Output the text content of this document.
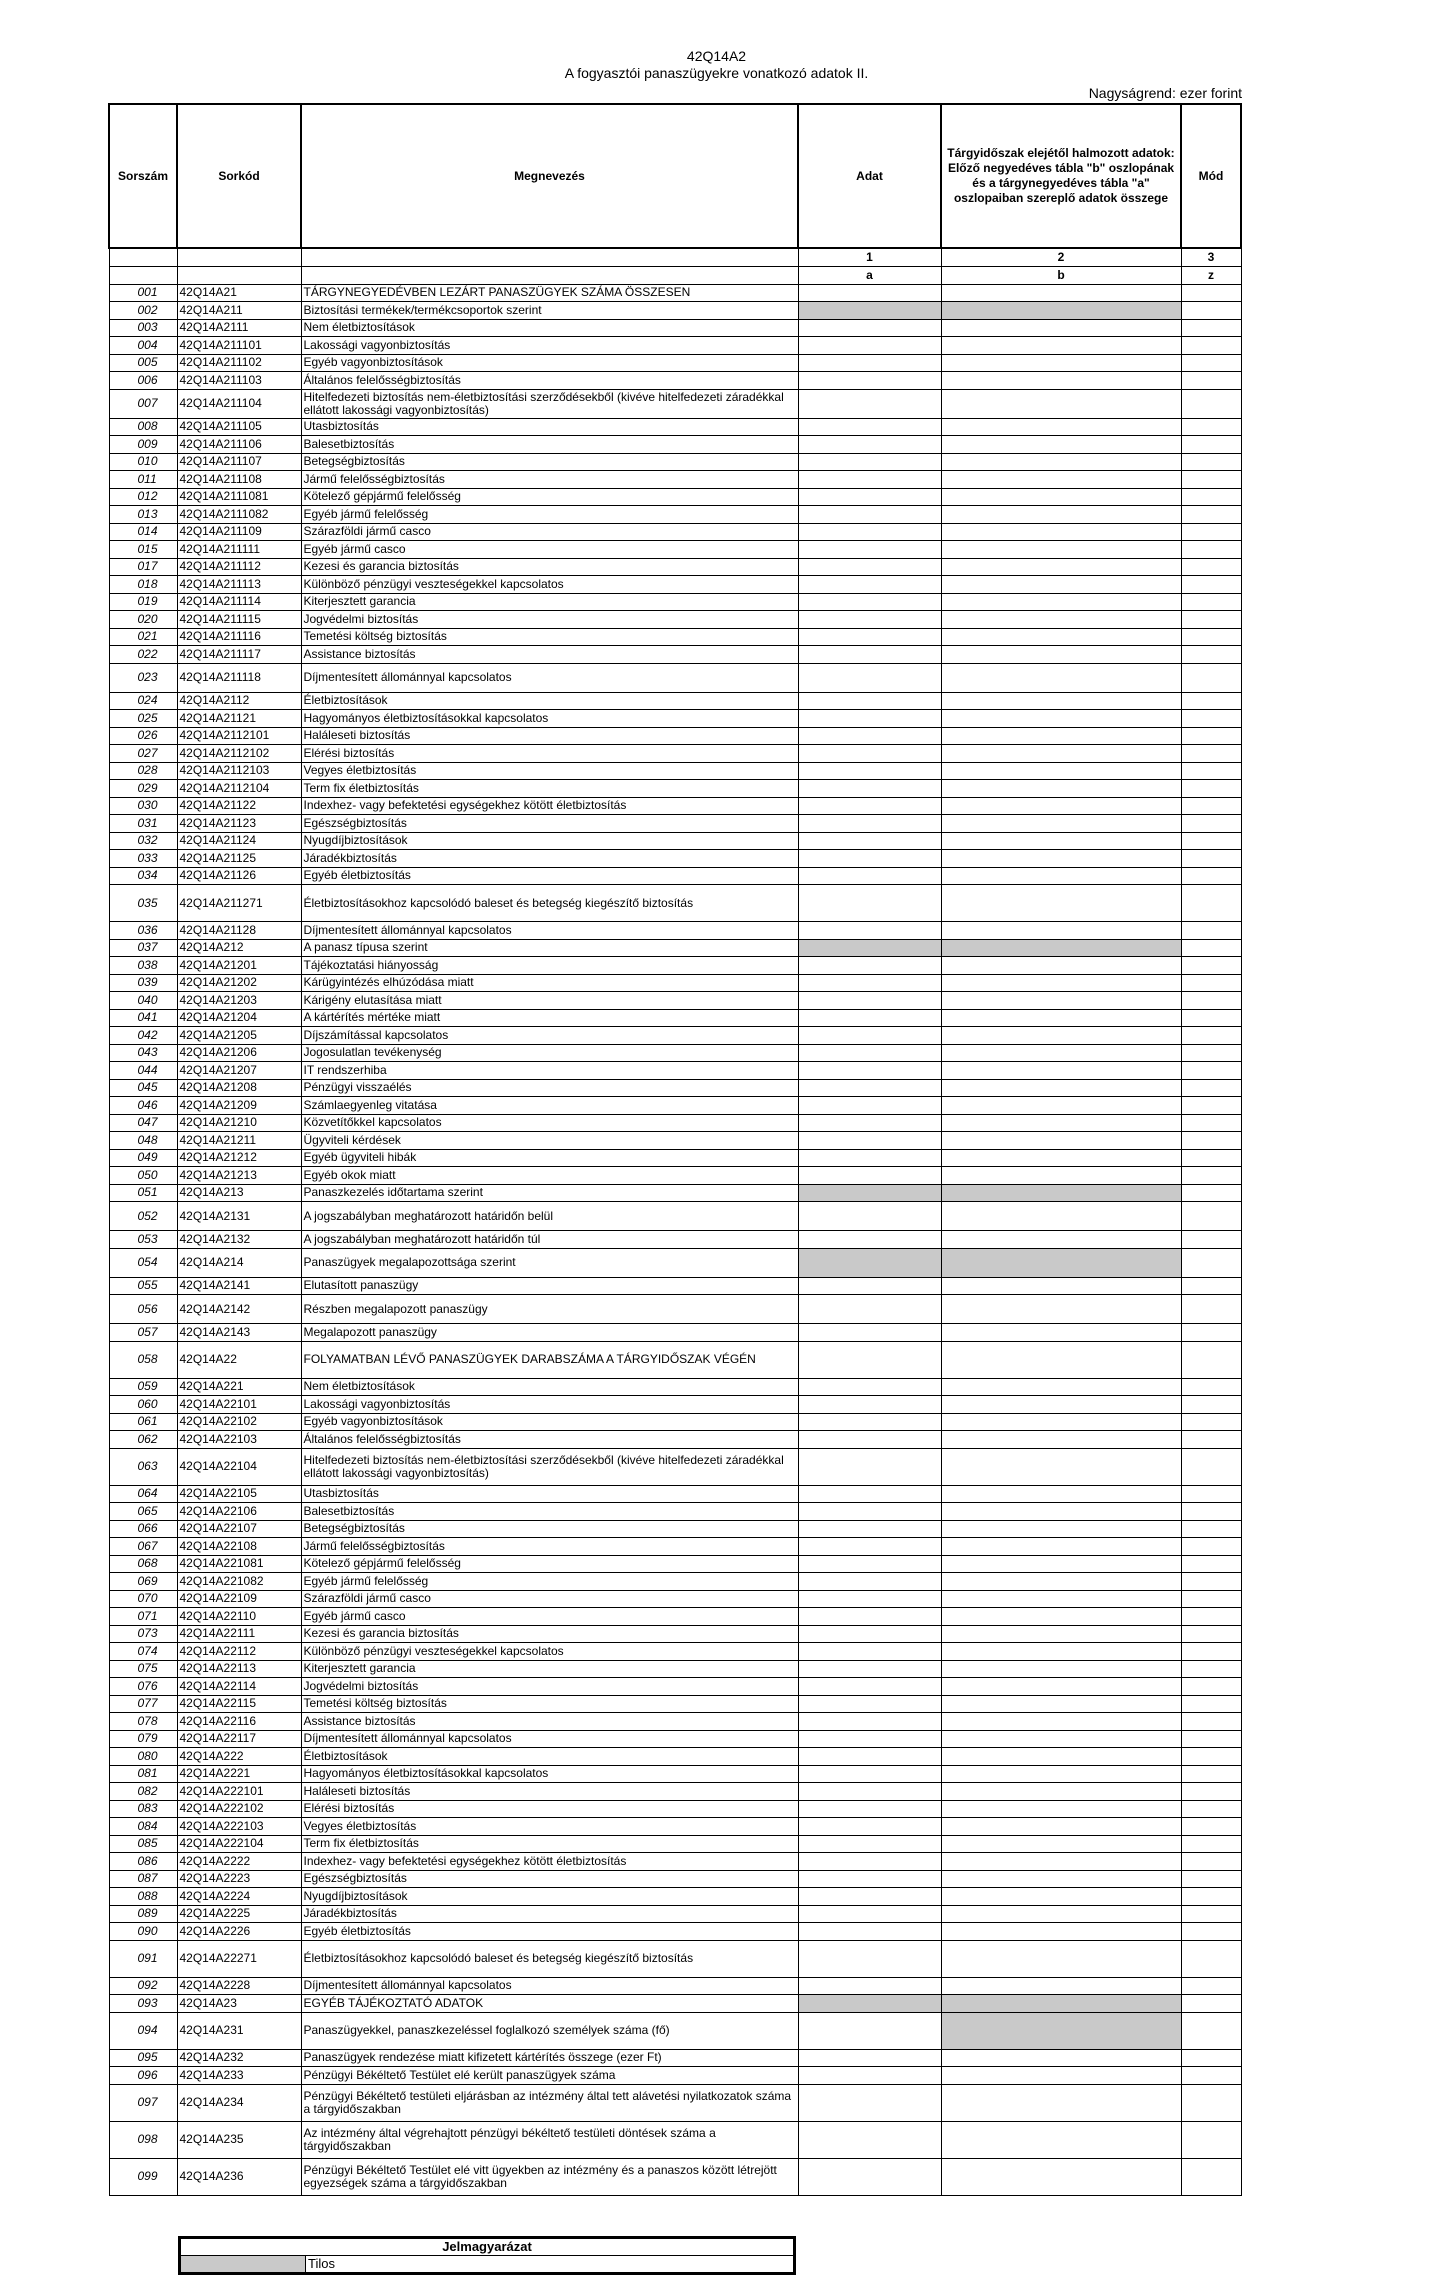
42Q14A2
A fogyasztói panaszügyekre vonatkozó adatok II.
Nagyságrend: ezer forint
Sorszám	Sorkód	Megnevezés	Adat	Tárgyidőszak elejétől halmozott adatok: Előző negyedéves tábla "b" oszlopának és a tárgynegyedéves tábla "a" oszlopaiban szereplő adatok összege	Mód
			1	2	3
			a	b	z
001	42Q14A21	TÁRGYNEGYEDÉVBEN LEZÁRT PANASZÜGYEK SZÁMA ÖSSZESEN			
002	42Q14A211	Biztosítási termékek/termékcsoportok szerint			
003	42Q14A2111	Nem életbiztosítások			
004	42Q14A211101	Lakossági vagyonbiztosítás			
005	42Q14A211102	Egyéb vagyonbiztosítások			
006	42Q14A211103	Általános felelősségbiztosítás			
007	42Q14A211104	Hitelfedezeti biztosítás nem-életbiztosítási szerződésekből (kivéve hitelfedezeti záradékkal ellátott lakossági vagyonbiztosítás)			
008	42Q14A211105	Utasbiztosítás			
009	42Q14A211106	Balesetbiztosítás			
010	42Q14A211107	Betegségbiztosítás			
011	42Q14A211108	Jármű felelősségbiztosítás			
012	42Q14A2111081	Kötelező gépjármű felelősség			
013	42Q14A2111082	Egyéb jármű felelősség			
014	42Q14A211109	Szárazföldi jármű casco			
015	42Q14A211111	Egyéb jármű casco			
017	42Q14A211112	Kezesi és garancia biztosítás			
018	42Q14A211113	Különböző pénzügyi veszteségekkel kapcsolatos			
019	42Q14A211114	Kiterjesztett garancia			
020	42Q14A211115	Jogvédelmi biztosítás			
021	42Q14A211116	Temetési költség biztosítás			
022	42Q14A211117	Assistance biztosítás			
023	42Q14A211118	Díjmentesített állománnyal kapcsolatos			
024	42Q14A2112	Életbiztosítások			
025	42Q14A21121	Hagyományos életbiztosításokkal kapcsolatos			
026	42Q14A2112101	Haláleseti biztosítás			
027	42Q14A2112102	Elérési biztosítás			
028	42Q14A2112103	Vegyes életbiztosítás			
029	42Q14A2112104	Term fix életbiztosítás			
030	42Q14A21122	Indexhez- vagy befektetési egységekhez kötött életbiztosítás			
031	42Q14A21123	Egészségbiztosítás			
032	42Q14A21124	Nyugdíjbiztosítások			
033	42Q14A21125	Járadékbiztosítás			
034	42Q14A21126	Egyéb életbiztosítás			
035	42Q14A211271	Életbiztosításokhoz kapcsolódó baleset és betegség kiegészítő biztosítás			
036	42Q14A21128	Díjmentesített állománnyal kapcsolatos			
037	42Q14A212	A panasz típusa szerint			
038	42Q14A21201	Tájékoztatási hiányosság			
039	42Q14A21202	Kárügyintézés elhúzódása miatt			
040	42Q14A21203	Kárigény elutasítása miatt			
041	42Q14A21204	A kártérítés mértéke miatt			
042	42Q14A21205	Díjszámítással kapcsolatos			
043	42Q14A21206	Jogosulatlan tevékenység			
044	42Q14A21207	IT rendszerhiba			
045	42Q14A21208	Pénzügyi visszaélés			
046	42Q14A21209	Számlaegyenleg vitatása			
047	42Q14A21210	Közvetítőkkel kapcsolatos			
048	42Q14A21211	Ügyviteli kérdések			
049	42Q14A21212	Egyéb ügyviteli hibák			
050	42Q14A21213	Egyéb okok miatt			
051	42Q14A213	Panaszkezelés időtartama szerint			
052	42Q14A2131	A jogszabályban meghatározott határidőn belül			
053	42Q14A2132	A jogszabályban meghatározott határidőn túl			
054	42Q14A214	Panaszügyek megalapozottsága szerint			
055	42Q14A2141	Elutasított panaszügy			
056	42Q14A2142	Részben megalapozott panaszügy			
057	42Q14A2143	Megalapozott panaszügy			
058	42Q14A22	FOLYAMATBAN LÉVŐ PANASZÜGYEK DARABSZÁMA A TÁRGYIDŐSZAK VÉGÉN			
059	42Q14A221	Nem életbiztosítások			
060	42Q14A22101	Lakossági vagyonbiztosítás			
061	42Q14A22102	Egyéb vagyonbiztosítások			
062	42Q14A22103	Általános felelősségbiztosítás			
063	42Q14A22104	Hitelfedezeti biztosítás nem-életbiztosítási szerződésekből (kivéve hitelfedezeti záradékkal ellátott lakossági vagyonbiztosítás)			
064	42Q14A22105	Utasbiztosítás			
065	42Q14A22106	Balesetbiztosítás			
066	42Q14A22107	Betegségbiztosítás			
067	42Q14A22108	Jármű felelősségbiztosítás			
068	42Q14A221081	Kötelező gépjármű felelősség			
069	42Q14A221082	Egyéb jármű felelősség			
070	42Q14A22109	Szárazföldi jármű casco			
071	42Q14A22110	Egyéb jármű casco			
073	42Q14A22111	Kezesi és garancia biztosítás			
074	42Q14A22112	Különböző pénzügyi veszteségekkel kapcsolatos			
075	42Q14A22113	Kiterjesztett garancia			
076	42Q14A22114	Jogvédelmi biztosítás			
077	42Q14A22115	Temetési költség biztosítás			
078	42Q14A22116	Assistance biztosítás			
079	42Q14A22117	Díjmentesített állománnyal kapcsolatos			
080	42Q14A222	Életbiztosítások			
081	42Q14A2221	Hagyományos életbiztosításokkal kapcsolatos			
082	42Q14A222101	Haláleseti biztosítás			
083	42Q14A222102	Elérési biztosítás			
084	42Q14A222103	Vegyes életbiztosítás			
085	42Q14A222104	Term fix életbiztosítás			
086	42Q14A2222	Indexhez- vagy befektetési egységekhez kötött életbiztosítás			
087	42Q14A2223	Egészségbiztosítás			
088	42Q14A2224	Nyugdíjbiztosítások			
089	42Q14A2225	Járadékbiztosítás			
090	42Q14A2226	Egyéb életbiztosítás			
091	42Q14A22271	Életbiztosításokhoz kapcsolódó baleset és betegség kiegészítő biztosítás			
092	42Q14A2228	Díjmentesített állománnyal kapcsolatos			
093	42Q14A23	EGYÉB TÁJÉKOZTATÓ ADATOK			
094	42Q14A231	Panaszügyekkel, panaszkezeléssel foglalkozó személyek száma (fő)			
095	42Q14A232	Panaszügyek rendezése miatt kifizetett kártérítés összege (ezer Ft)			
096	42Q14A233	Pénzügyi Békéltető Testület elé került panaszügyek száma			
097	42Q14A234	Pénzügyi Békéltető testületi eljárásban az intézmény által tett alávetési nyilatkozatok száma a tárgyidőszakban			
098	42Q14A235	Az intézmény által végrehajtott pénzügyi békéltető testületi döntések száma a tárgyidőszakban			
099	42Q14A236	Pénzügyi Békéltető Testület elé vitt ügyekben az intézmény és a panaszos között létrejött egyezségek száma a tárgyidőszakban			
Jelmagyarázat
	Tilos
